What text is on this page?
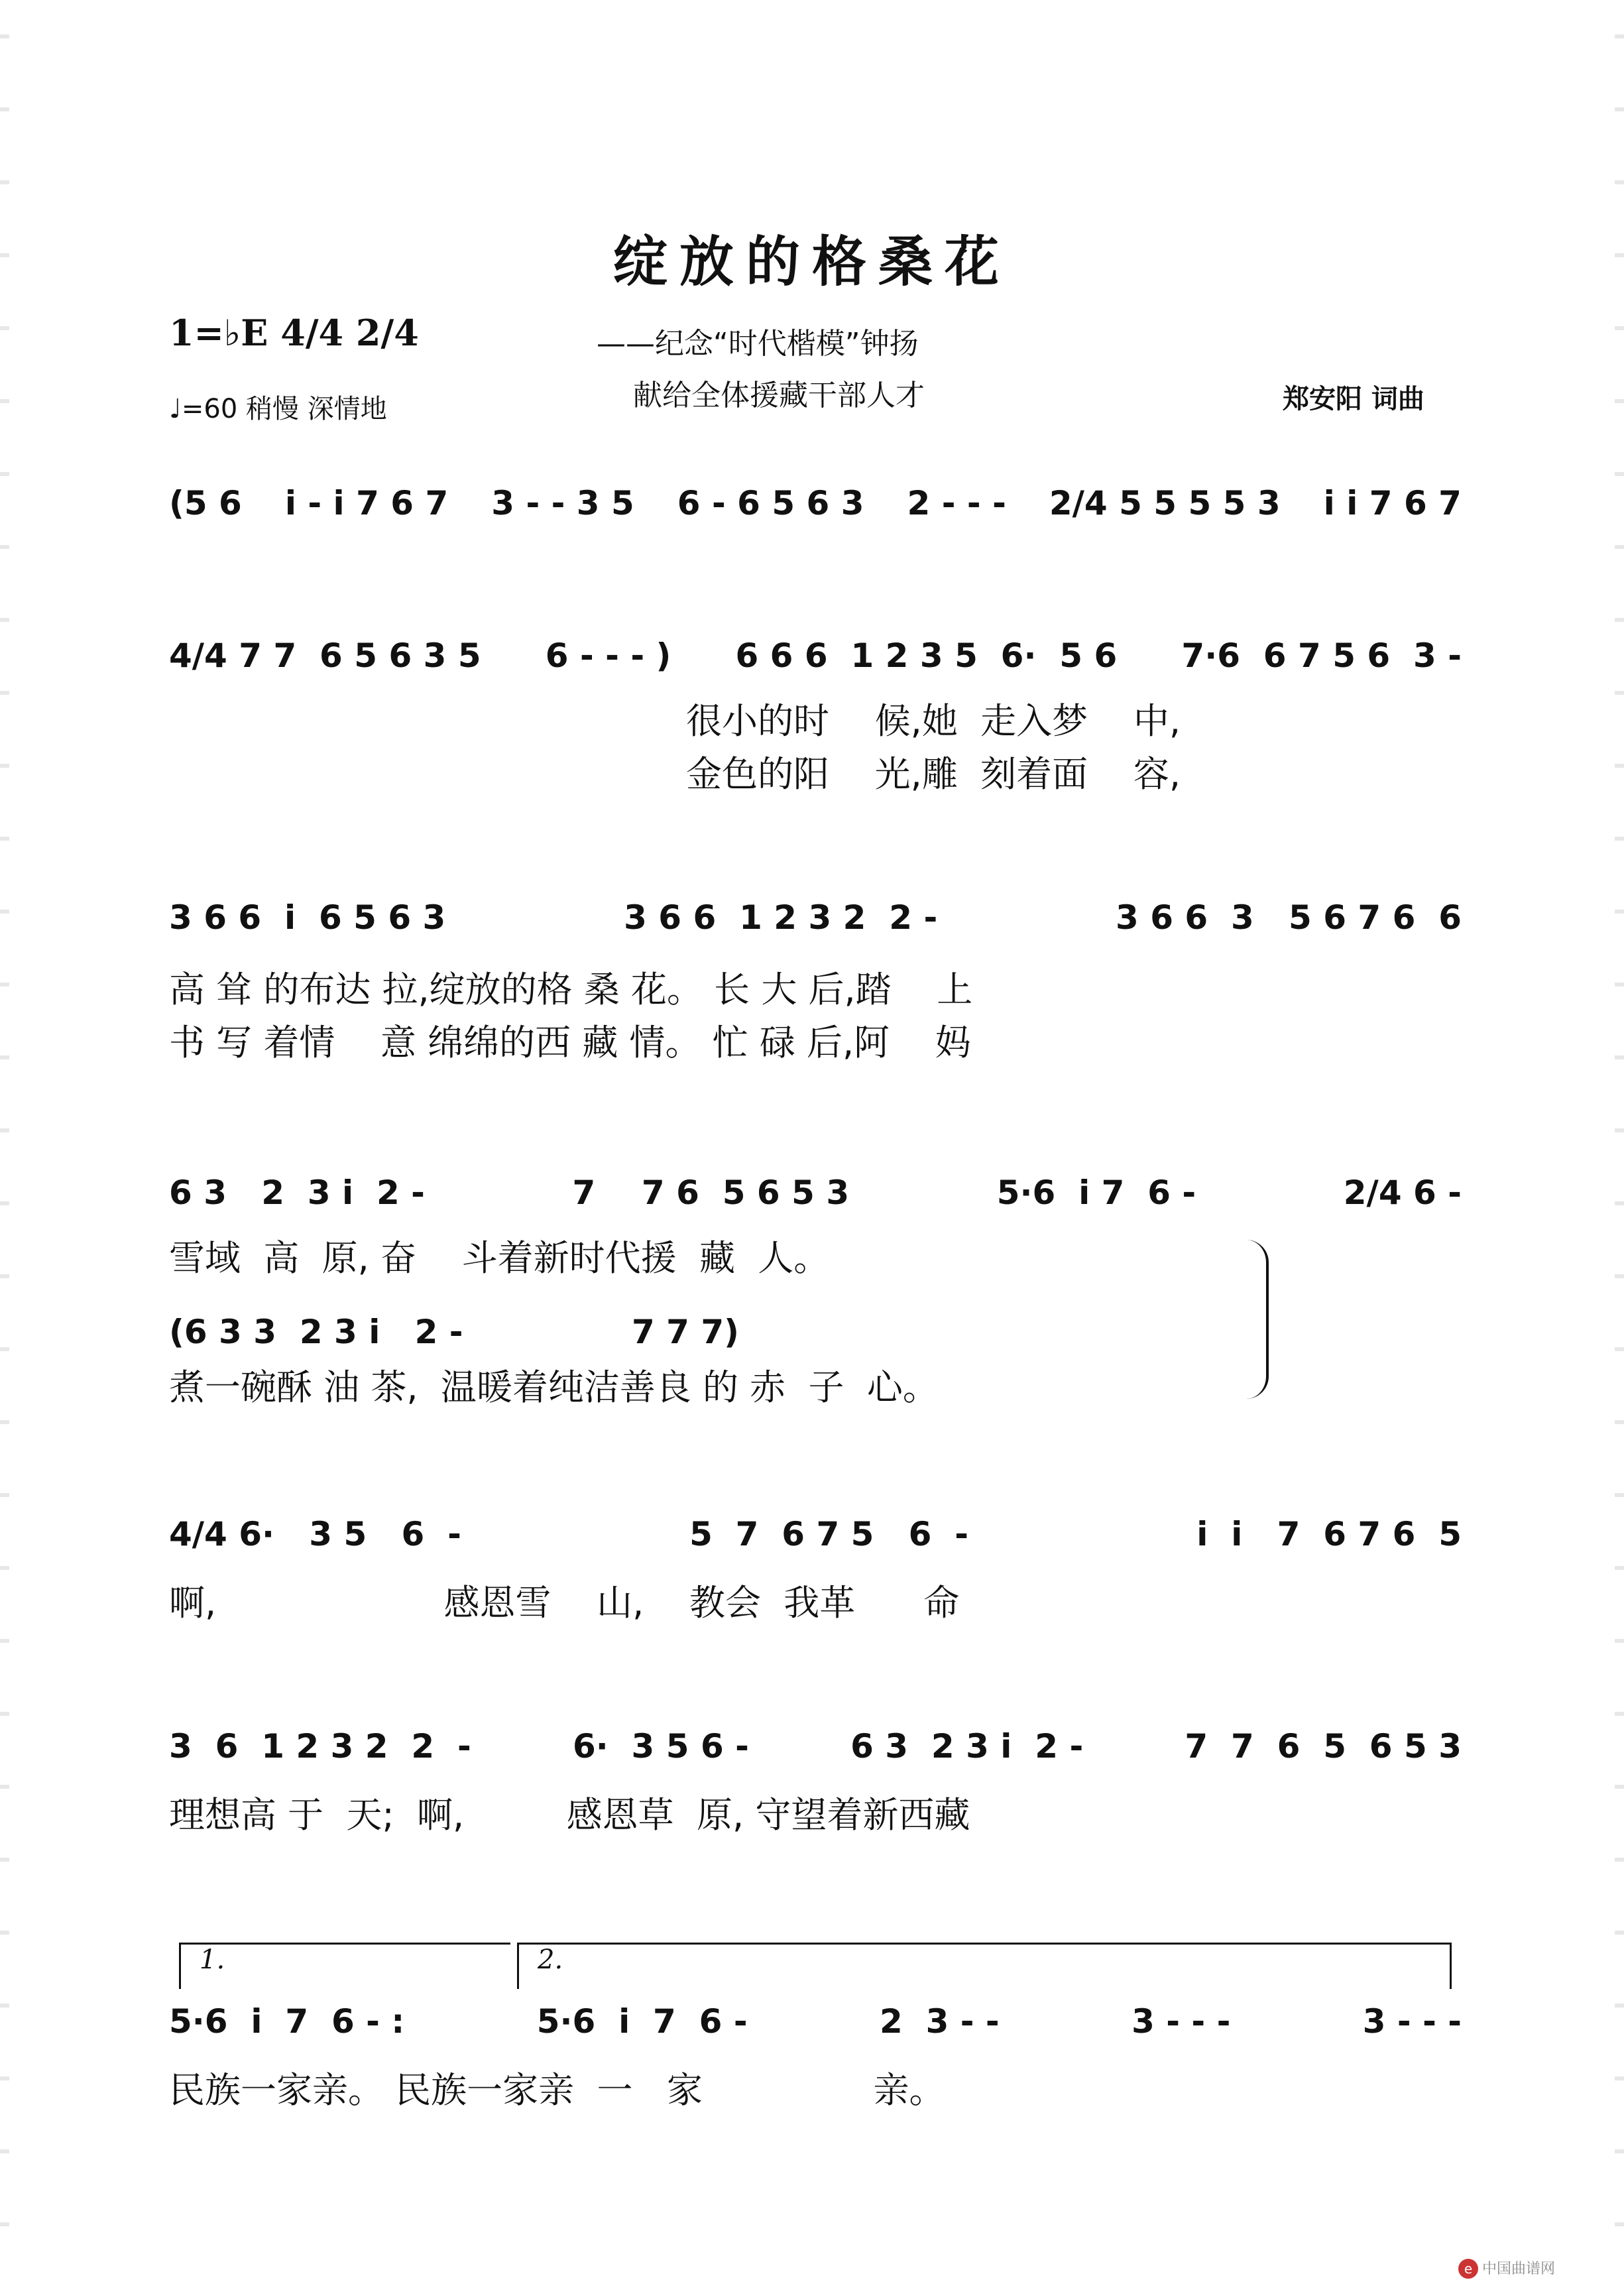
绽放的格桑花
1=♭E 4/4 2/4
♩=60 稍慢 深情地
——纪念“时代楷模”钟扬
献给全体援藏干部人才	郑安阳 词曲
(5 6 i - i 7 6 7 3 - - 3 5 6 - 6 5 6 3 2 - - - 2/4 5 5 5 5 3 i i 7 6 7
4/4 7 7  6 5 6 3 5 6 - - - ) 6 6 6  1 2 3 5  6·  5 6 7·6  6 7 5 6  3 -
很小的时    候,她  走入梦    中,
金色的阳    光,雕  刻着面    容,
3 6 6  i  6 5 6 3	3 6 6  1 2 3 2  2 -	3 6 6  3   5 6 7 6  6
高 耸 的布达 拉,绽放的格 桑 花。 长 大 后,踏    上
书 写 着情    意 绵绵的西 藏 情。 忙 碌 后,阿    妈
6 3   2  3 i  2 -	7    7 6  5 6 5 3	5·6  i 7  6 -	2/4 6 -
雪域  高  原, 奋    斗着新时代援  藏  人。
(6 3 3  2 3 i   2 -	7 7 7)
煮一碗酥 油 茶,  温暖着纯洁善良 的 赤  子  心。
4/4 6·   3 5   6  -	5  7  6 7 5   6  -	i  i   7  6 7 6  5
啊,                    感恩雪    山,    教会  我革      命
3  6  1 2 3 2  2  -	6·  3 5 6 -	6 3  2 3 i  2 -	7  7  6  5  6 5 3
理想高 于  天;  啊,         感恩草  原, 守望着新西藏
1.	2.
5·6  i  7  6 - :	5·6  i  7  6 -	2  3 - -	3 - - -	3 - - -
民族一家亲。 民族一家亲  一   家               亲。
e 中国曲谱网
